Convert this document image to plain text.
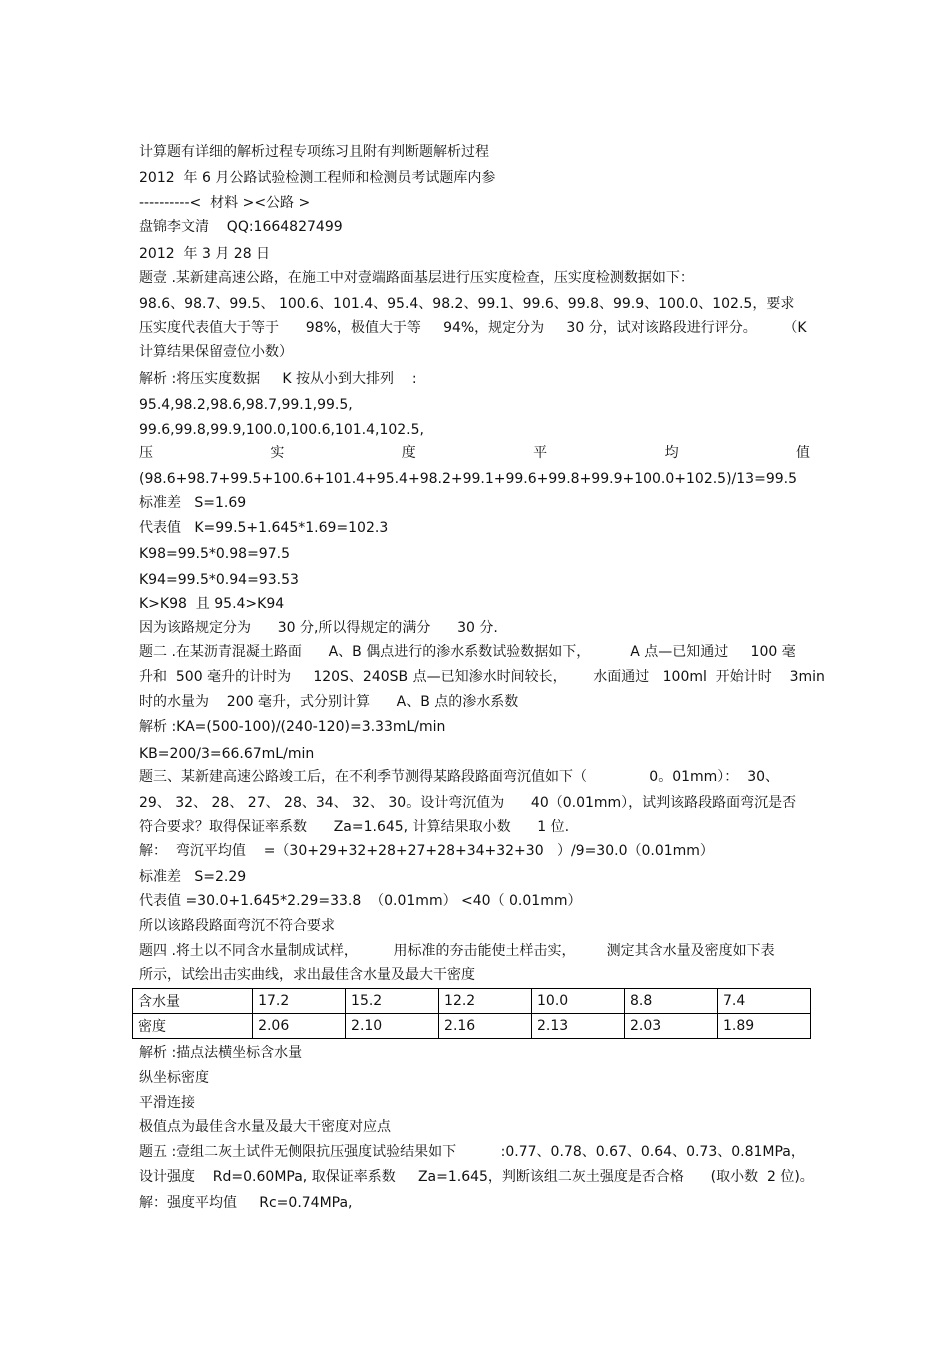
计算题有详细的解析过程专项练习且附有判断题解析过程
2012  年 6 月公路试验检测工程师和检测员考试题库内参
----------<  材料 ><公路 >
盘锦李文清    QQ:1664827499
2012  年 3 月 28 日
题壹 .某新建高速公路，在施工中对壹端路面基层进行压实度检查，压实度检测数据如下：
98.6、98.7、99.5、 100.6、101.4、95.4、98.2、99.1、99.6、99.8、99.9、100.0、102.5，要求
压实度代表值大于等于      98%，极值大于等     94%，规定分为     30 分，试对该路段进行评分。      （K
计算结果保留壹位小数）
解析 :将压实度数据     K 按从小到大排列    :
95.4,98.2,98.6,98.7,99.1,99.5,
99.6,99.8,99.9,100.0,100.6,101.4,102.5,
压	实	度	平	均	值
(98.6+98.7+99.5+100.6+101.4+95.4+98.2+99.1+99.6+99.8+99.9+100.0+102.5)/13=99.5
标准差   S=1.69
代表值   K=99.5+1.645*1.69=102.3
K98=99.5*0.98=97.5
K94=99.5*0.94=93.53
K>K98  且 95.4>K94
因为该路规定分为      30 分,所以得规定的满分      30 分.
题二 .在某沥青混凝土路面      A、B 偶点进行的渗水系数试验数据如下，         A 点—已知通过     100 毫
升和  500 毫升的计时为     120S、240SB 点—已知渗水时间较长，      水面通过   100ml  开始计时    3min
时的水量为    200 毫升，式分别计算      A、B 点的渗水系数
解析 :KA=(500-100)/(240-120)=3.33mL/min
KB=200/3=66.67mL/min
题三、某新建高速公路竣工后，在不利季节测得某路段路面弯沉值如下（              0。01mm）：  30、
29、 32、 28、 27、 28、34、 32、 30。设计弯沉值为      40（0.01mm），试判该路段路面弯沉是否
符合要求？取得保证率系数      Za=1.645, 计算结果取小数      1 位.
解：  弯沉平均值    =（30+29+32+28+27+28+34+32+30   ）/9=30.0（0.01mm）
标准差   S=2.29
代表值 =30.0+1.645*2.29=33.8  （0.01mm） <40（ 0.01mm）
所以该路段路面弯沉不符合要求
题四 .将土以不同含水量制成试样，        用标准的夯击能使土样击实，       测定其含水量及密度如下表
所示，试绘出击实曲线，求出最佳含水量及最大干密度
含水量	17.2	15.2	12.2	10.0	8.8	7.4
密度	2.06	2.10	2.16	2.13	2.03	1.89
解析 :描点法横坐标含水量
纵坐标密度
平滑连接
极值点为最佳含水量及最大干密度对应点
题五 :壹组二灰土试件无侧限抗压强度试验结果如下          :0.77、0.78、0.67、0.64、0.73、0.81MPa，
设计强度    Rd=0.60MPa, 取保证率系数     Za=1.645，判断该组二灰土强度是否合格      (取小数  2 位)。
解：强度平均值     Rc=0.74MPa,
